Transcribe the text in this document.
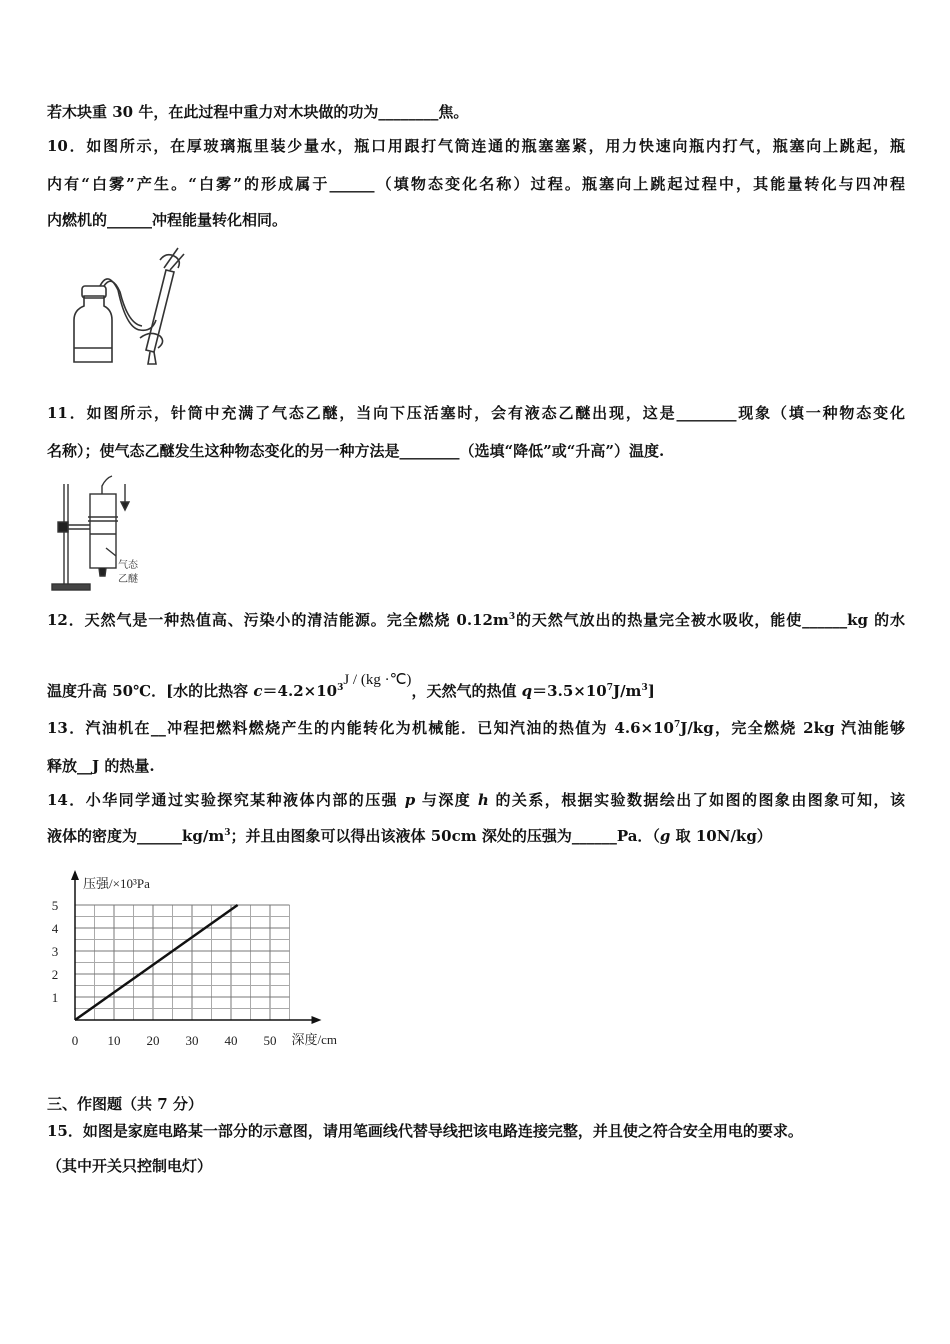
若木块重 30 牛，在此过程中重力对木块做的功为________焦。
10．如图所示，在厚玻璃瓶里装少量水，瓶口用跟打气筒连通的瓶塞塞紧，用力快速向瓶内打气，瓶塞向上跳起，瓶
内有“白雾”产生。“白雾”的形成属于______（填物态变化名称）过程。瓶塞向上跳起过程中，其能量转化与四冲程
内燃机的______冲程能量转化相同。
11．如图所示，针筒中充满了气态乙醚，当向下压活塞时，会有液态乙醚出现，这是________现象（填一种物态变化
名称）；使气态乙醚发生这种物态变化的另一种方法是________（选填“降低”或“升高”）温度.
气态
乙醚
12．天然气是一种热值高、污染小的清洁能源。完全燃烧 $0.12m^3$的天然气放出的热量完全被水吸收，能使______kg 的水
温度升高 50℃．[水的比热容 $c=4.2\times 10^3J / (kg$ ·℃)，天然气的热值 $q=3.5\times 10^7J/m^3$]
13．汽油机在__冲程把燃料燃烧产生的内能转化为机械能．已知汽油的热值为 $4.6\times 10^7J/kg$，完全燃烧 2kg 汽油能够
释放__J 的热量.
14．小华同学通过实验探究某种液体内部的压强 p 与深度 h 的关系，根据实验数据绘出了如图的图象由图象可知，该
液体的密度为$\_\_\_\_\_\_kg/m^3$；并且由图象可以得出该液体 50cm 深处的压强为______Pa．（g 取 10N/kg）
0 10 20 30 40 50
1
2
3
4
5
压强/×10³Pa
深度/cm
三、作图题（共 7 分）
15．如图是家庭电路某一部分的示意图，请用笔画线代替导线把该电路连接完整，并且使之符合安全用电的要求。
（其中开关只控制电灯）
